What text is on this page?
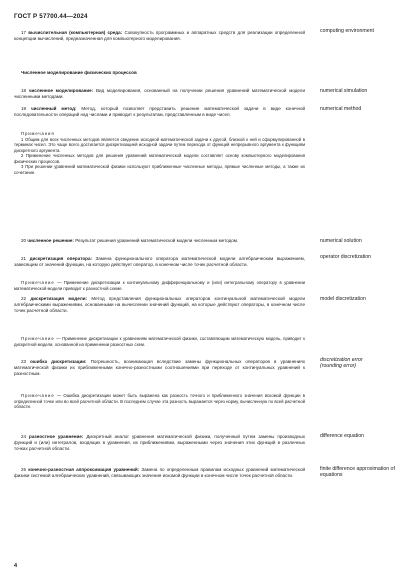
ГОСТ Р 57700.44—2024

17 вычислительная (компьютерная) среда: Совокупность программных и аппаратных средств для реализации определенной концепции вычислений, предназначенная для компьютерного моделирования.

computing environment

Численное моделирование физических процессов

18 численное моделирование: Вид моделирования, основанный на получении решения уравнений математической модели численными методами.

numerical simulation

19 численный метод: Метод, который позволяет представить решение математической задачи в виде конечной последовательности операций над числами и приводит к результатам, представленным в виде чисел.

numerical method

Примечания

1 Общим для всех численных методов является сведение исходной математической задачи к другой, близкой к ней и сформулированной в терминах чисел. Это чаще всего достигается дискретизацией исходной задачи путем перехода от функций непрерывного аргумента к функциям дискретного аргумента.

2 Применение численных методов для решения уравнений математической модели составляет основу компьютерного моделирования физических процессов.

3 При решении уравнений математической физики используют приближенные численные методы, прямые численные методы, а также их сочетание.

20 численное решение: Результат решения уравнений математической модели численным методом.	numerical solution

21 дискретизация оператора: Замена функционального оператора математической модели алгебраическим выражением, зависящим от значений функции, на которую действует оператор, в конечном числе точек расчетной области.

operator discretization

Примечание — Применение дискретизации к континуальному дифференциальному и (или) интегральному оператору в уравнении математической модели приводит к разностной схеме.

22 дискретизация модели: Метод представления функциональных операторов континуальной математической модели алгебраическими выражениями, основанными на вычислении значений функций, на которые действуют операторы, в конечном числе точек расчетной области.

model discretization

Примечание — Применение дискретизации к уравнениям математической физики, составляющим математическую модель, приводит к дискретной модели, основанной на применении разностных схем.

23 ошибка дискретизации: Погрешность, возникающая вследствие замены функциональных операторов в уравнениях математической физики их приближенными конечно-разностными соотношениями при переходе от континуальных уравнений к разностным.

discretization error
(rounding error)

Примечание — Ошибка дискретизации может быть выражена как разность точного и приближенного значения искомой функции в определенной точке или во всей расчетной области. В последнем случае эта разность выражается через норму, вычисленную по всей расчетной области.

24 разностное уравнение: Дискретный аналог уравнения математической физики, полученный путем замены производных функций и (или) интегралов, входящих в уравнения, их приближениями, выраженными через значения этих функций в различных точках расчетной области.

difference equation

25 конечно-разностная аппроксимация уравнений: Замена по определенным правилам исходных уравнений математической физики системой алгебраических уравнений, связывающих значения искомой функции в конечном числе точек расчетной области.

finite difference approximation of equations
4
